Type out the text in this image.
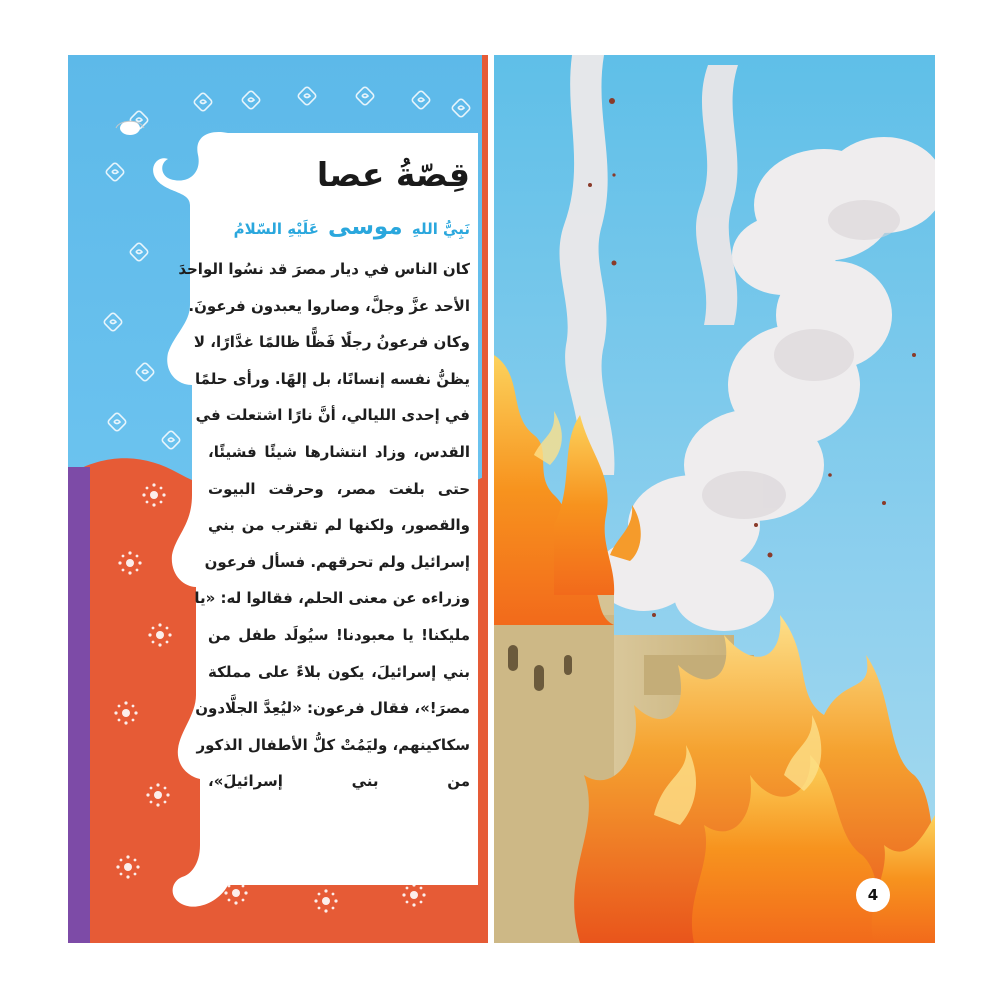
قِصّةُ عصا
نَبِيُّ اللهِ موسى عَلَيْهِ السّلامُ
كان الناس في ديار مصرَ قد نسُوا الواحدَ
الأحد عزَّ وجلَّ، وصاروا يعبدون فرعونَ.
وكان فرعونُ رجلًا فَظًّا ظالمًا غدَّارًا، لا
يظنُّ نفسه إنسانًا، بل إلهًا. ورأى حلمًا
في إحدى الليالي، أنَّ نارًا اشتعلت في
القدس، وزاد انتشارها شيئًا فشيئًا،
حتى بلغت مصر، وحرقت البيوت
والقصور، ولكنها لم تقترب من بني
إسرائيل ولم تحرقهم. فسأل فرعون
وزراءه عن معنى الحلم، فقالوا له: «يا
مليكنا! يا معبودنا! سيُولَد طفل من
بني إسرائيلَ، يكون بلاءً على مملكة
مصرَ!»، فقال فرعون: «ليُعِدَّ الجلَّادون
سكاكينهم، وليَمُتْ كلُّ الأطفال الذكور
من بني إسرائيلَ»،
4
